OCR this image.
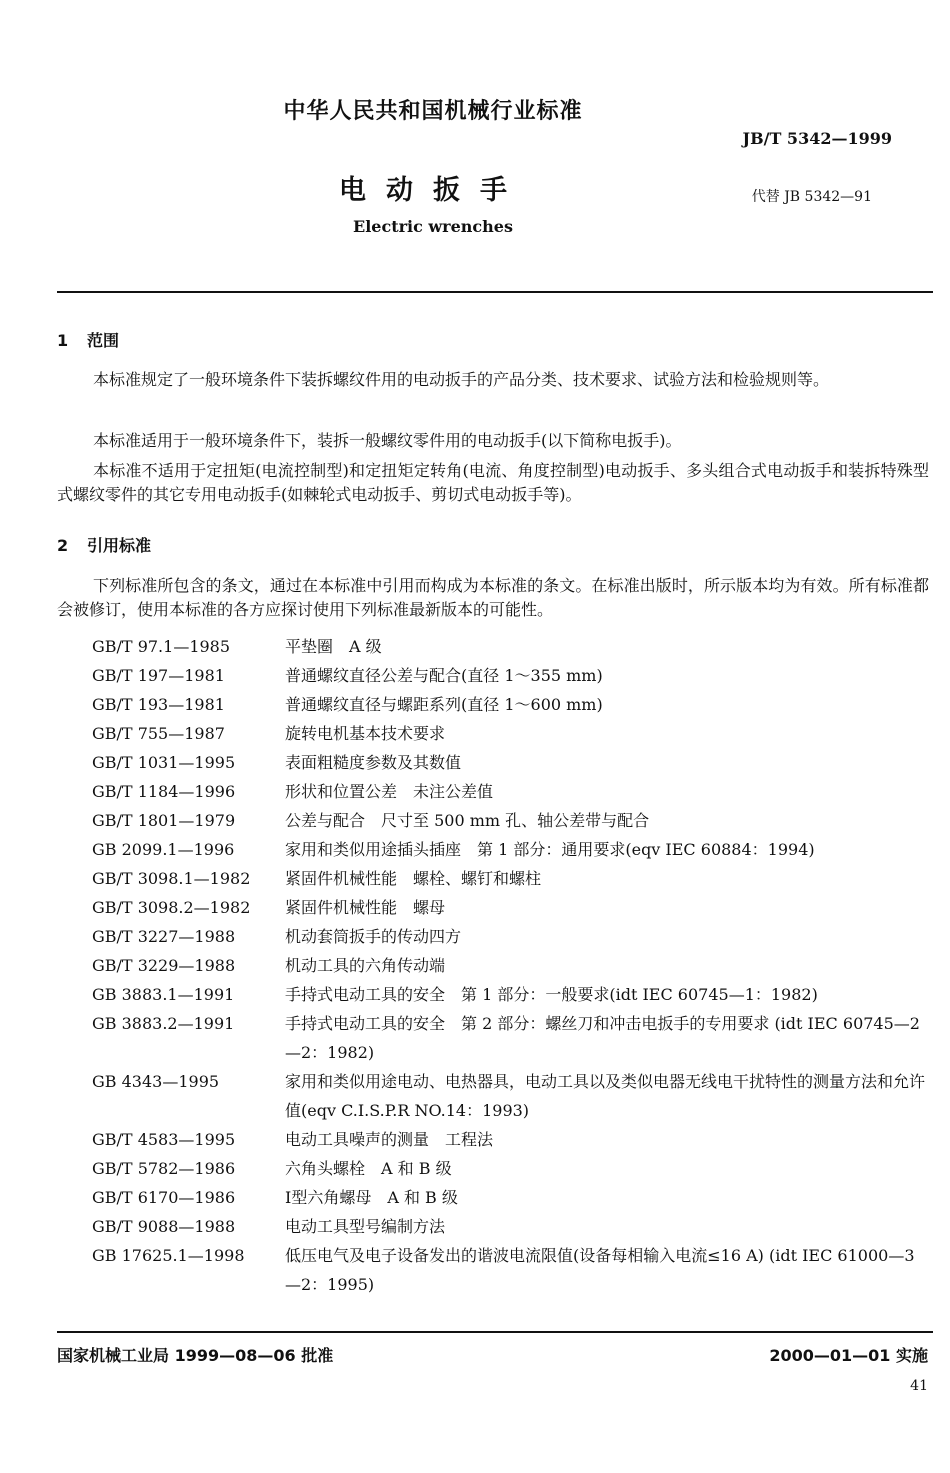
中华人民共和国机械行业标准
JB/T 5342—1999
电动扳手	代替 JB 5342—91
Electric wrenches
1 范围
本标准规定了一般环境条件下装拆螺纹件用的电动扳手的产品分类、技术要求、试验方法和检验规则等。
本标准适用于一般环境条件下，装拆一般螺纹零件用的电动扳手(以下简称电扳手)。
本标准不适用于定扭矩(电流控制型)和定扭矩定转角(电流、角度控制型)电动扳手、多头组合式电动扳手和装拆特殊型式螺纹零件的其它专用电动扳手(如棘轮式电动扳手、剪切式电动扳手等)。
2 引用标准
下列标准所包含的条文，通过在本标准中引用而构成为本标准的条文。在标准出版时，所示版本均为有效。所有标准都会被修订，使用本标准的各方应探讨使用下列标准最新版本的可能性。
GB/T 97.1—1985	平垫圈　A 级
GB/T 197—1981	普通螺纹直径公差与配合(直径 1～355 mm)
GB/T 193—1981	普通螺纹直径与螺距系列(直径 1～600 mm)
GB/T 755—1987	旋转电机基本技术要求
GB/T 1031—1995	表面粗糙度参数及其数值
GB/T 1184—1996	形状和位置公差　未注公差值
GB/T 1801—1979	公差与配合　尺寸至 500 mm 孔、轴公差带与配合
GB 2099.1—1996	家用和类似用途插头插座　第 1 部分：通用要求(eqv IEC 60884：1994)
GB/T 3098.1—1982	紧固件机械性能　螺栓、螺钉和螺柱
GB/T 3098.2—1982	紧固件机械性能　螺母
GB/T 3227—1988	机动套筒扳手的传动四方
GB/T 3229—1988	机动工具的六角传动端
GB 3883.1—1991	手持式电动工具的安全　第 1 部分：一般要求(idt IEC 60745—1：1982)
GB 3883.2—1991	手持式电动工具的安全　第 2 部分：螺丝刀和冲击电扳手的专用要求 (idt IEC 60745—2—2：1982)
GB 4343—1995	家用和类似用途电动、电热器具，电动工具以及类似电器无线电干扰特性的测量方法和允许值(eqv C.I.S.P.R NO.14：1993)
GB/T 4583—1995	电动工具噪声的测量　工程法
GB/T 5782—1986	六角头螺栓　A 和 B 级
GB/T 6170—1986	Ⅰ型六角螺母　A 和 B 级
GB/T 9088—1988	电动工具型号编制方法
GB 17625.1—1998	低压电气及电子设备发出的谐波电流限值(设备每相输入电流≤16 A) (idt IEC 61000—3—2：1995)
国家机械工业局 1999—08—06 批准	2000—01—01 实施
41
